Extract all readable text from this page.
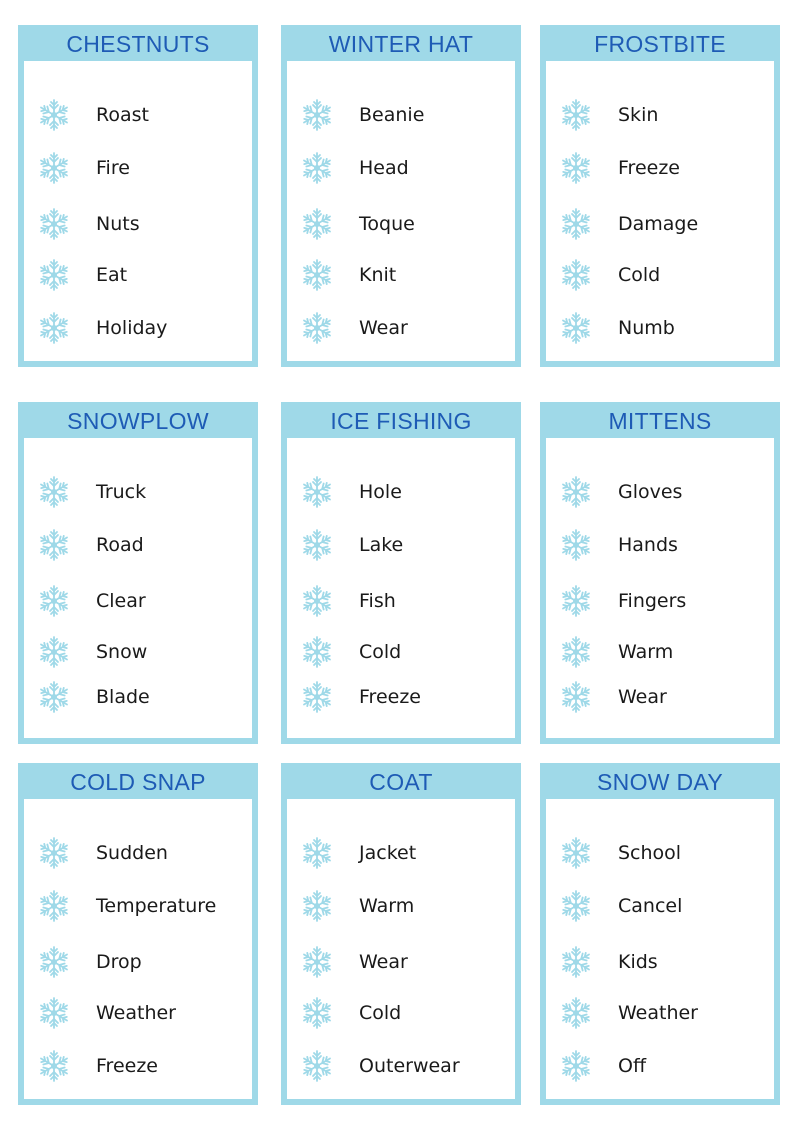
CHESTNUTS
Roast
Fire
Nuts
Eat
Holiday
WINTER HAT
Beanie
Head
Toque
Knit
Wear
FROSTBITE
Skin
Freeze
Damage
Cold
Numb
SNOWPLOW
Truck
Road
Clear
Snow
Blade
ICE FISHING
Hole
Lake
Fish
Cold
Freeze
MITTENS
Gloves
Hands
Fingers
Warm
Wear
COLD SNAP
Sudden
Temperature
Drop
Weather
Freeze
COAT
Jacket
Warm
Wear
Cold
Outerwear
SNOW DAY
School
Cancel
Kids
Weather
Off
